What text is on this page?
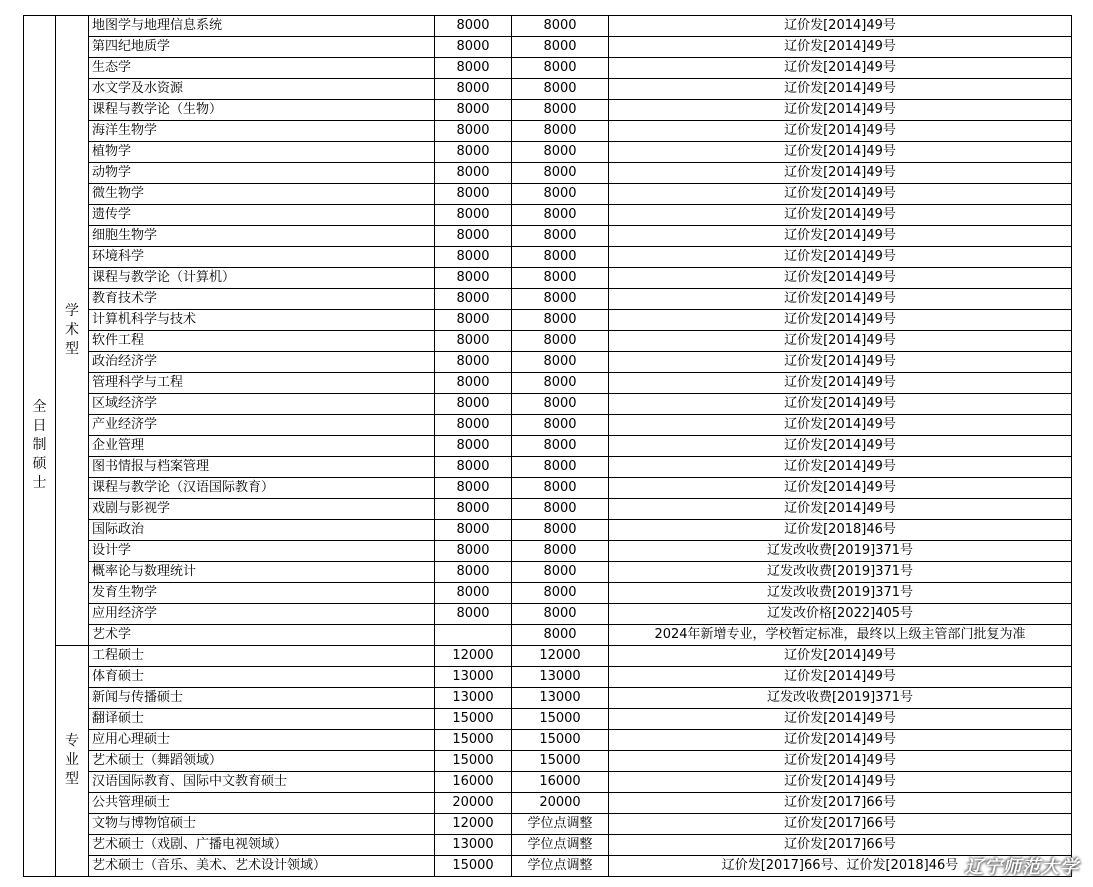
全日制硕士	学术型	地图学与地理信息系统	8000	8000	辽价发[2014]49号
		第四纪地质学	8000	8000	辽价发[2014]49号
		生态学	8000	8000	辽价发[2014]49号
		水文学及水资源	8000	8000	辽价发[2014]49号
		课程与教学论（生物）	8000	8000	辽价发[2014]49号
		海洋生物学	8000	8000	辽价发[2014]49号
		植物学	8000	8000	辽价发[2014]49号
		动物学	8000	8000	辽价发[2014]49号
		微生物学	8000	8000	辽价发[2014]49号
		遗传学	8000	8000	辽价发[2014]49号
		细胞生物学	8000	8000	辽价发[2014]49号
		环境科学	8000	8000	辽价发[2014]49号
		课程与教学论（计算机）	8000	8000	辽价发[2014]49号
		教育技术学	8000	8000	辽价发[2014]49号
		计算机科学与技术	8000	8000	辽价发[2014]49号
		软件工程	8000	8000	辽价发[2014]49号
		政治经济学	8000	8000	辽价发[2014]49号
		管理科学与工程	8000	8000	辽价发[2014]49号
		区域经济学	8000	8000	辽价发[2014]49号
		产业经济学	8000	8000	辽价发[2014]49号
		企业管理	8000	8000	辽价发[2014]49号
		图书情报与档案管理	8000	8000	辽价发[2014]49号
		课程与教学论（汉语国际教育）	8000	8000	辽价发[2014]49号
		戏剧与影视学	8000	8000	辽价发[2014]49号
		国际政治	8000	8000	辽价发[2018]46号
		设计学	8000	8000	辽发改收费[2019]371号
		概率论与数理统计	8000	8000	辽发改收费[2019]371号
		发育生物学	8000	8000	辽发改收费[2019]371号
		应用经济学	8000	8000	辽发改价格[2022]405号
		艺术学		8000	2024年新增专业，学校暂定标准，最终以上级主管部门批复为准
	专业型	工程硕士	12000	12000	辽价发[2014]49号
		体育硕士	13000	13000	辽价发[2014]49号
		新闻与传播硕士	13000	13000	辽发改收费[2019]371号
		翻译硕士	15000	15000	辽价发[2014]49号
		应用心理硕士	15000	15000	辽价发[2014]49号
		艺术硕士（舞蹈领域）	15000	15000	辽价发[2014]49号
		汉语国际教育、国际中文教育硕士	16000	16000	辽价发[2014]49号
		公共管理硕士	20000	20000	辽价发[2017]66号
		文物与博物馆硕士	12000	学位点调整	辽价发[2017]66号
		艺术硕士（戏剧、广播电视领域）	13000	学位点调整	辽价发[2017]66号
		艺术硕士（音乐、美术、艺术设计领域）	15000	学位点调整	辽价发[2017]66号、辽价发[2018]46号 辽宁师范大学
